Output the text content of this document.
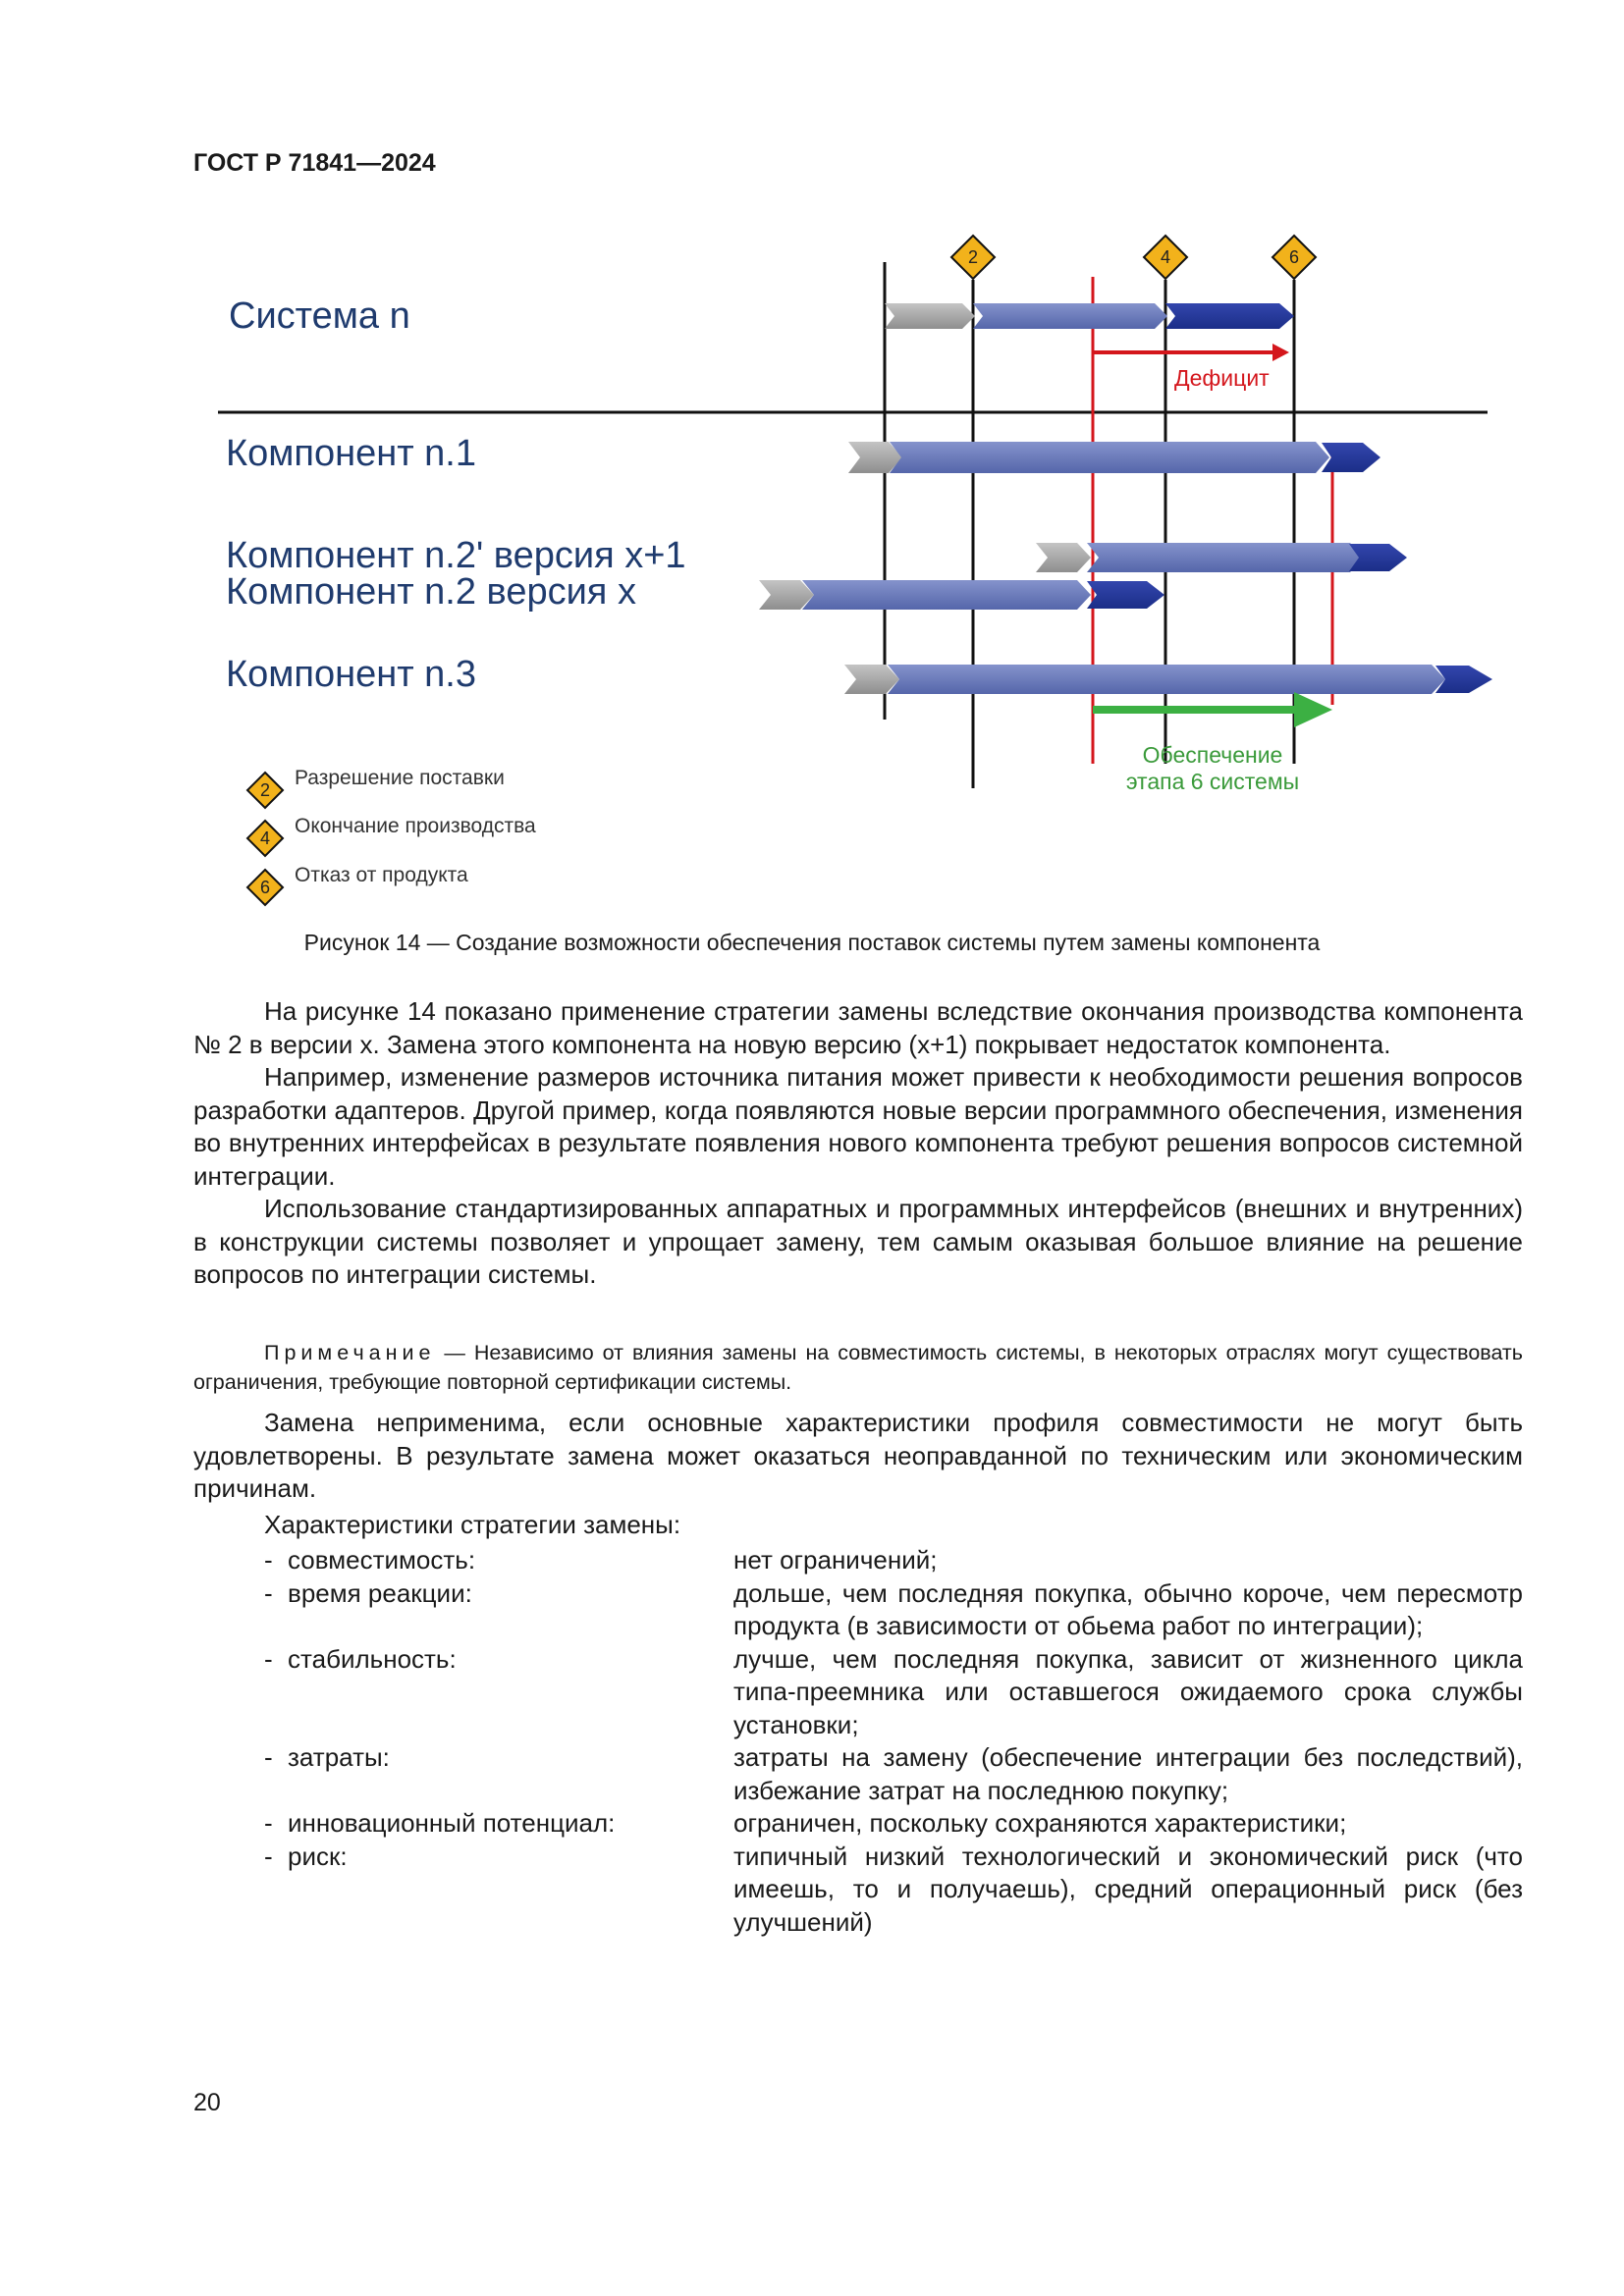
ГОСТ Р 71841—2024
2	4	6
Система n
Дефицит
Компонент n.1
Компонент n.2' версия x+1
Компонент n.2 версия x
Компонент n.3
Обеспечение
этапа 6 системы
2
Разрешение поставки
4
Окончание производства
6
Отказ от продукта
Рисунок 14 — Создание возможности обеспечения поставок системы путем замены компонента

На рисунке 14 показано применение стратегии замены вследствие окончания производства компонента № 2 в версии x. Замена этого компонента на новую версию (x+1) покрывает недостаток компонента.

Например, изменение размеров источника питания может привести к необходимости решения вопросов разработки адаптеров. Другой пример, когда появляются новые версии программного обеспечения, изменения во внутренних интерфейсах в результате появления нового компонента требуют решения вопросов системной интеграции.

Использование стандартизированных аппаратных и программных интерфейсов (внешних и внутренних) в конструкции системы позволяет и упрощает замену, тем самым оказывая большое влияние на решение вопросов по интеграции системы.

Примечание — Независимо от влияния замены на совместимость системы, в некоторых отраслях могут существовать ограничения, требующие повторной сертификации системы.

Замена неприменима, если основные характеристики профиля совместимости не могут быть удовлетворены. В результате замена может оказаться неоправданной по техническим или экономическим причинам.

Характеристики стратегии замены:
- совместимость:	нет ограничений;
- время реакции:	дольше, чем последняя покупка, обычно короче, чем пересмотр продукта (в зависимости от обьема работ по интеграции);
- стабильность:	лучше, чем последняя покупка, зависит от жизненного цикла типа-преемника или оставшегося ожидаемого срока службы установки;
- затраты:	затраты на замену (обеспечение интеграции без последствий), избежание затрат на последнюю покупку;
- инновационный потенциал:	ограничен, поскольку сохраняются характеристики;
- риск:	типичный низкий технологический и экономический риск (что имеешь, то и получаешь), средний операционный риск (без улучшений)
20
